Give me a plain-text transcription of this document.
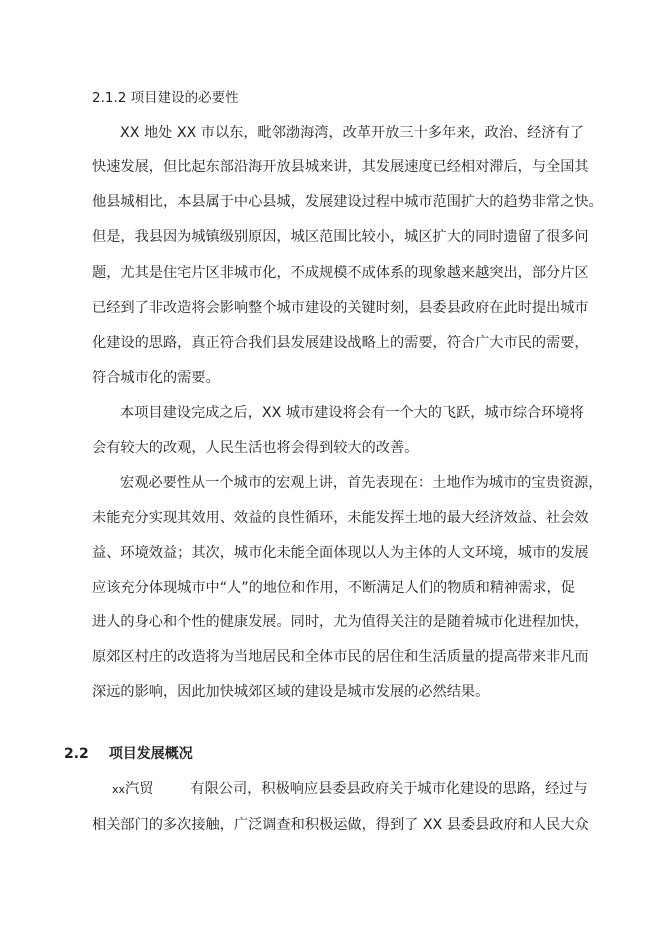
2.1.2 项目建设的必要性
XX 地处 XX 市以东，毗邻渤海湾，改革开放三十多年来，政治、经济有了
快速发展，但比起东部沿海开放县城来讲，其发展速度已经相对滞后，与全国其
他县城相比，本县属于中心县城，发展建设过程中城市范围扩大的趋势非常之快。
但是，我县因为城镇级别原因，城区范围比较小，城区扩大的同时遗留了很多问
题，尤其是住宅片区非城市化，不成规模不成体系的现象越来越突出，部分片区
已经到了非改造将会影响整个城市建设的关键时刻，县委县政府在此时提出城市
化建设的思路，真正符合我们县发展建设战略上的需要，符合广大市民的需要，
符合城市化的需要。
本项目建设完成之后，XX 城市建设将会有一个大的飞跃，城市综合环境将
会有较大的改观，人民生活也将会得到较大的改善。
宏观必要性从一个城市的宏观上讲，首先表现在：土地作为城市的宝贵资源，
未能充分实现其效用、效益的良性循环，未能发挥土地的最大经济效益、社会效
益、环境效益；其次，城市化未能全面体现以人为主体的人文环境，城市的发展
应该充分体现城市中“人”的地位和作用，不断满足人们的物质和精神需求，促
进人的身心和个性的健康发展。同时，尤为值得关注的是随着城市化进程加快，
原郊区村庄的改造将为当地居民和全体市民的居住和生活质量的提高带来非凡而
深远的影响，因此加快城郊区域的建设是城市发展的必然结果。
2.2 项目发展概况
xx汽贸	有限公司，积极响应县委县政府关于城市化建设的思路，经过与
相关部门的多次接触，广泛调查和积极运做，得到了 XX 县委县政府和人民大众
